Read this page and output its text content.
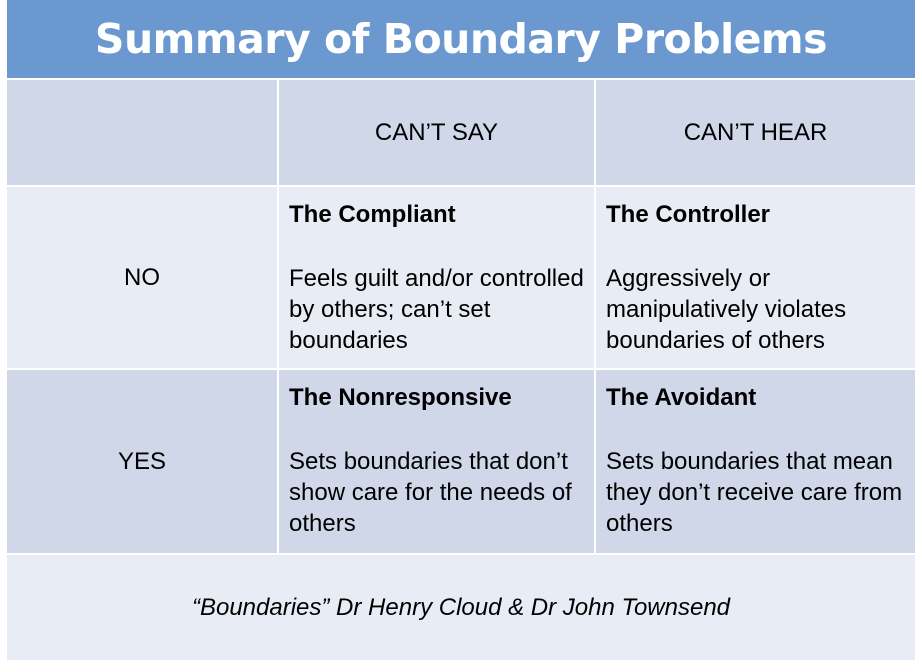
Summary of Boundary Problems
CAN’T SAY	CAN’T HEAR
NO
The Compliant
Feels guilt and/or controlled by others; can’t set boundaries
The Controller
Aggressively or manipulatively violates boundaries of others
YES
The Nonresponsive
Sets boundaries that don’t show care for the needs of others
The Avoidant
Sets boundaries that mean they don’t receive care from others
“Boundaries” Dr Henry Cloud & Dr John Townsend
